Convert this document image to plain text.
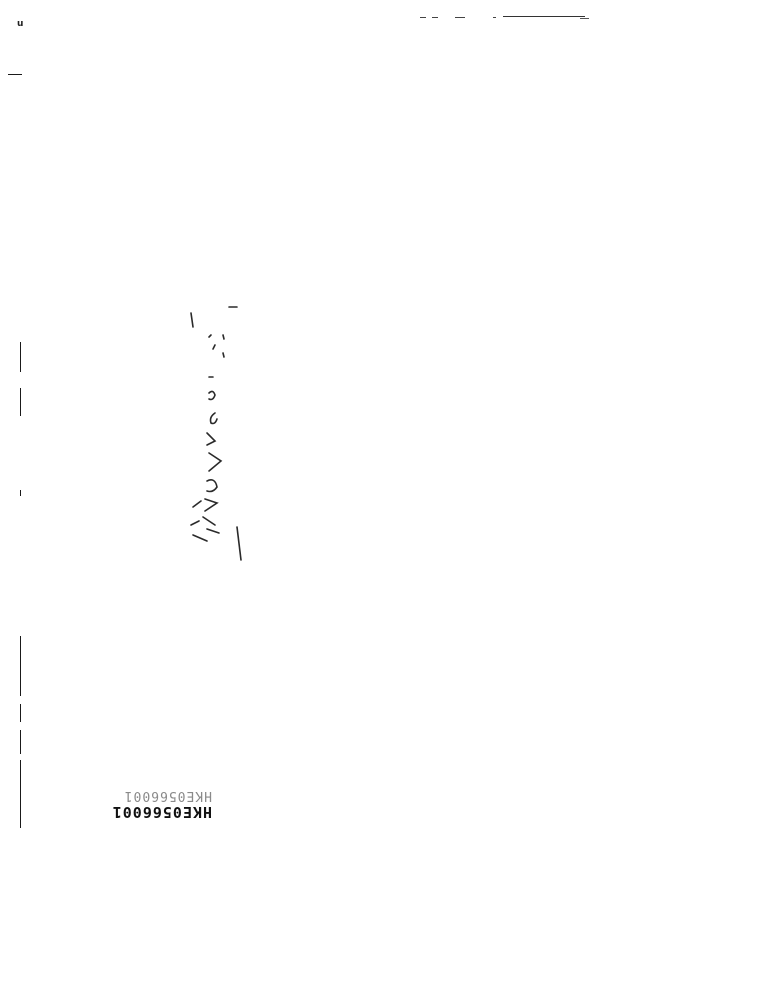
u
HKE0566001
HKE0566001
